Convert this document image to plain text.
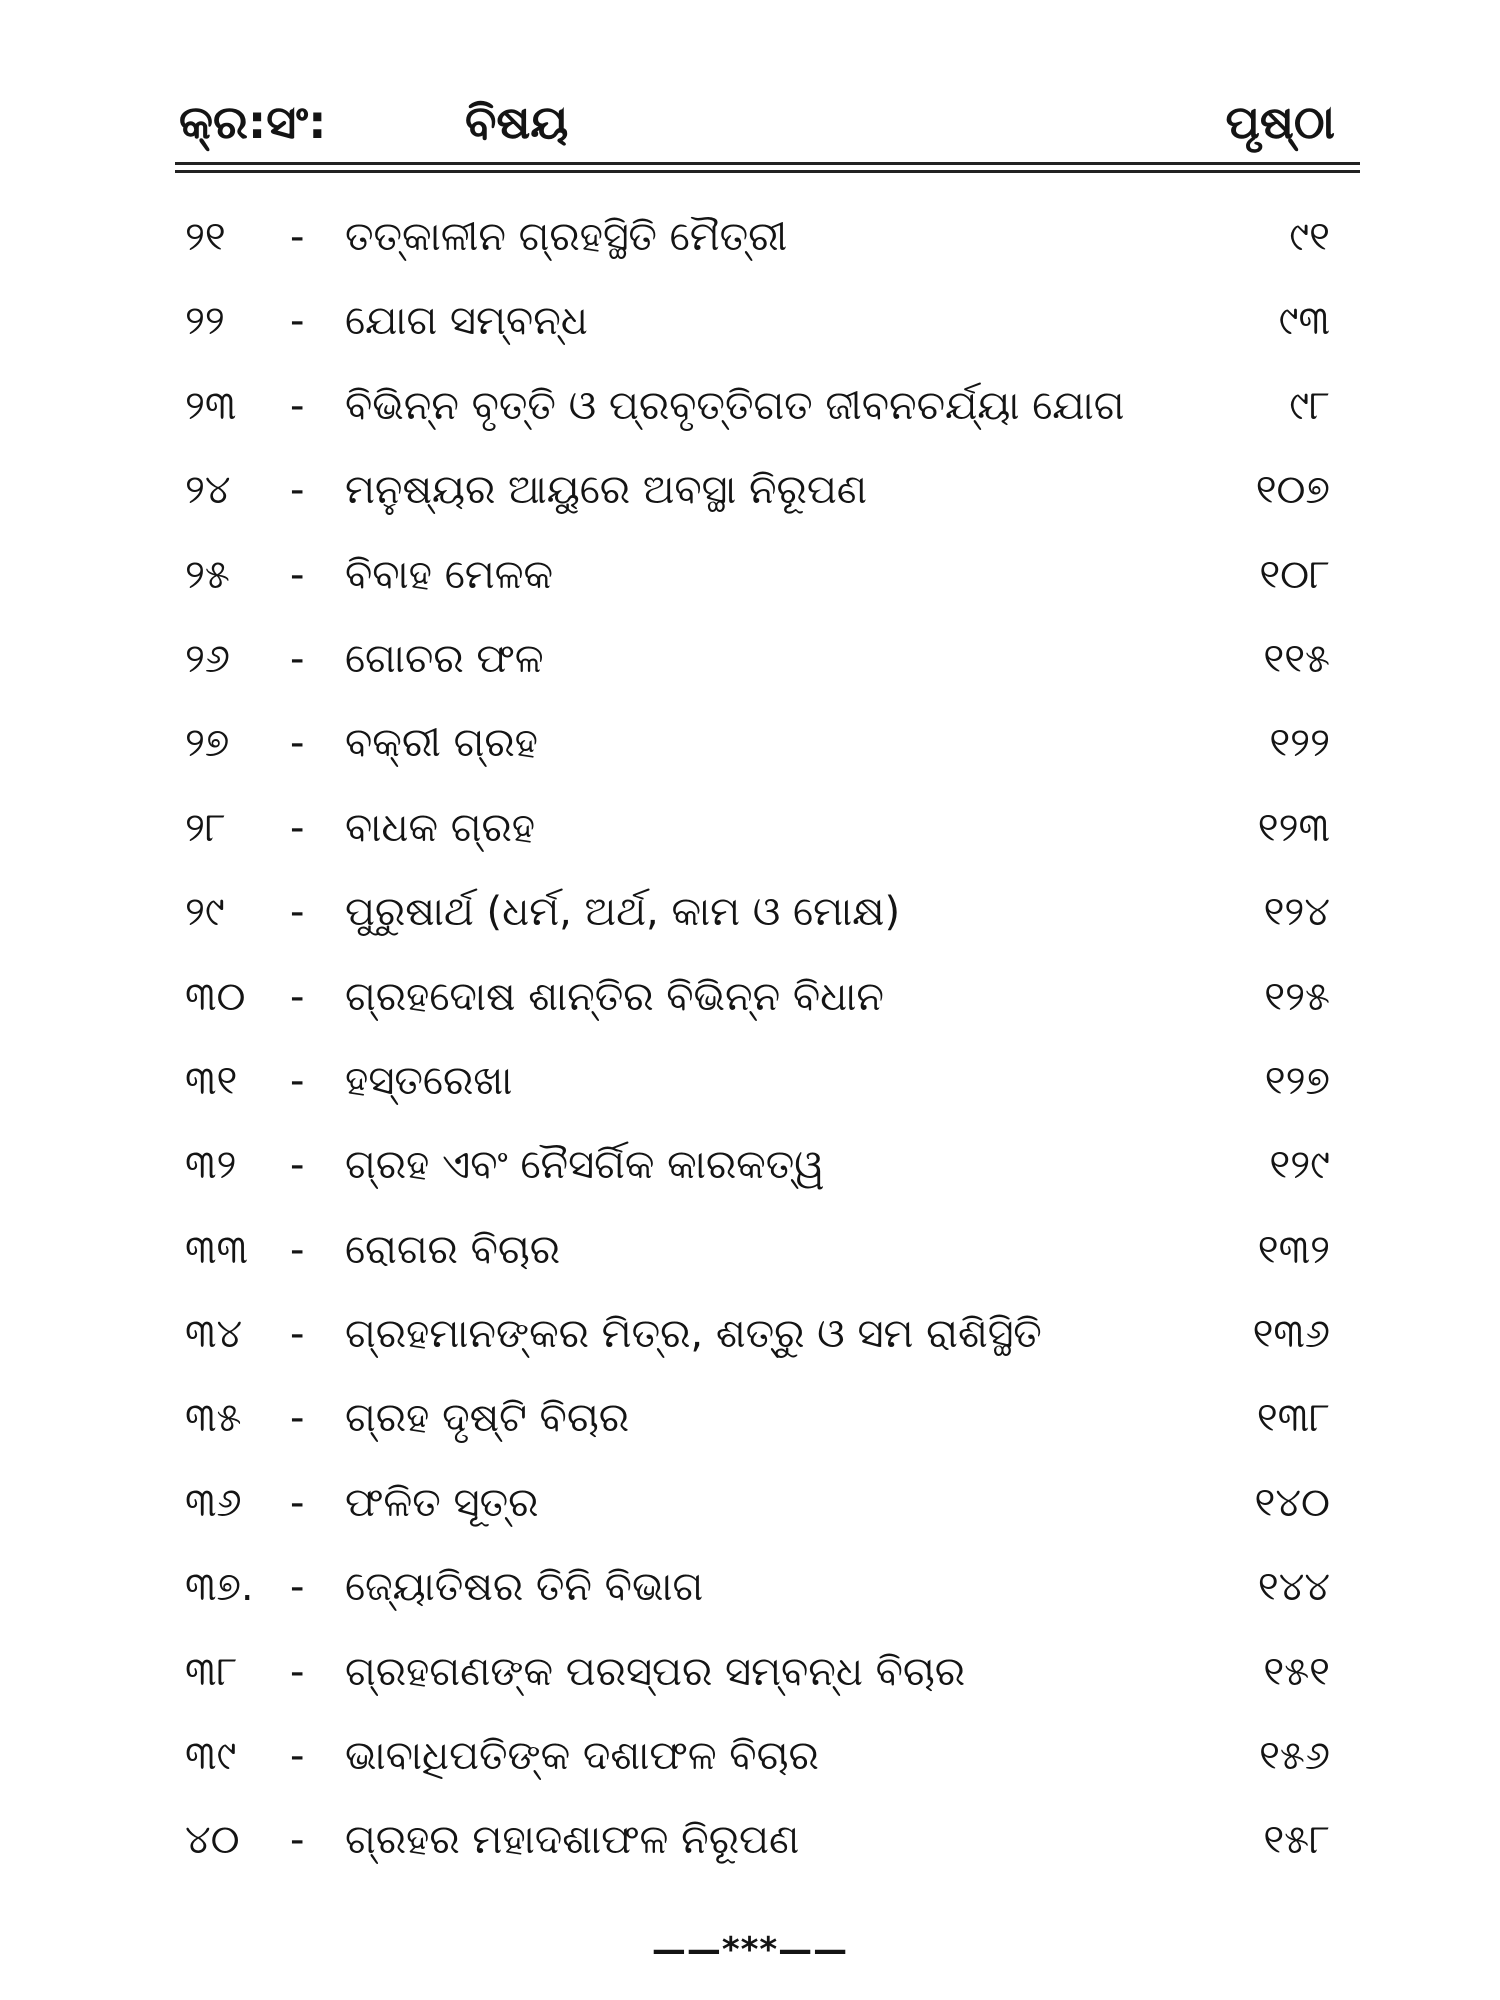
କ୍ର:ସଂ:	ବିଷୟ	ପୃଷ୍ଠା
୨୧	- ତତ୍କାଳୀନ ଗ୍ରହସ୍ଥିତି ମୈତ୍ରୀ	୯୧
୨୨	- ଯୋଗ ସମ୍ବନ୍ଧ	୯୩
୨୩	- ବିଭିନ୍ନ ବୃତ୍ତି ଓ ପ୍ରବୃତ୍ତିଗତ ଜୀବନଚର୍ଯ୍ୟା ଯୋଗ	୯୮
୨୪	- ମନୁଷ୍ୟର ଆୟୁରେ ଅବସ୍ଥା ନିରୂପଣ	୧୦୭
୨୫	- ବିବାହ ମେଳକ	୧୦୮
୨୬	- ଗୋଚର ଫଳ	୧୧୫
୨୭	- ବକ୍ରୀ ଗ୍ରହ	୧୨୨
୨୮	- ବାଧକ ଗ୍ରହ	୧୨୩
୨୯	- ପୁରୁଷାର୍ଥ (ଧର୍ମ, ଅର୍ଥ, କାମ ଓ ମୋକ୍ଷ)	୧୨୪
୩୦	- ଗ୍ରହଦୋଷ ଶାନ୍ତିର ବିଭିନ୍ନ ବିଧାନ	୧୨୫
୩୧	- ହସ୍ତରେଖା	୧୨୭
୩୨	- ଗ୍ରହ ଏବଂ ନୈସର୍ଗିକ କାରକତ୍ୱ	୧୨୯
୩୩	- ରୋଗର ବିଚାର	୧୩୨
୩୪	- ଗ୍ରହମାନଙ୍କର ମିତ୍ର, ଶତ୍ରୁ ଓ ସମ ରାଶିସ୍ଥିତି	୧୩୬
୩୫	- ଗ୍ରହ ଦୃଷ୍ଟି ବିଚାର	୧୩୮
୩୬	- ଫଳିତ ସୂତ୍ର	୧୪୦
୩୭. - ଜ୍ୟୋତିଷର ତିନି ବିଭାଗ	୧୪୪
୩୮	- ଗ୍ରହଗଣଙ୍କ ପରସ୍ପର ସମ୍ବନ୍ଧ ବିଚାର	୧୫୧
୩୯	- ଭାବାଧିପତିଙ୍କ ଦଶାଫଳ ବିଚାର	୧୫୬
୪୦	- ଗ୍ରହର ମହାଦଶାଫଳ ନିରୂପଣ	୧୫୮
——***——
